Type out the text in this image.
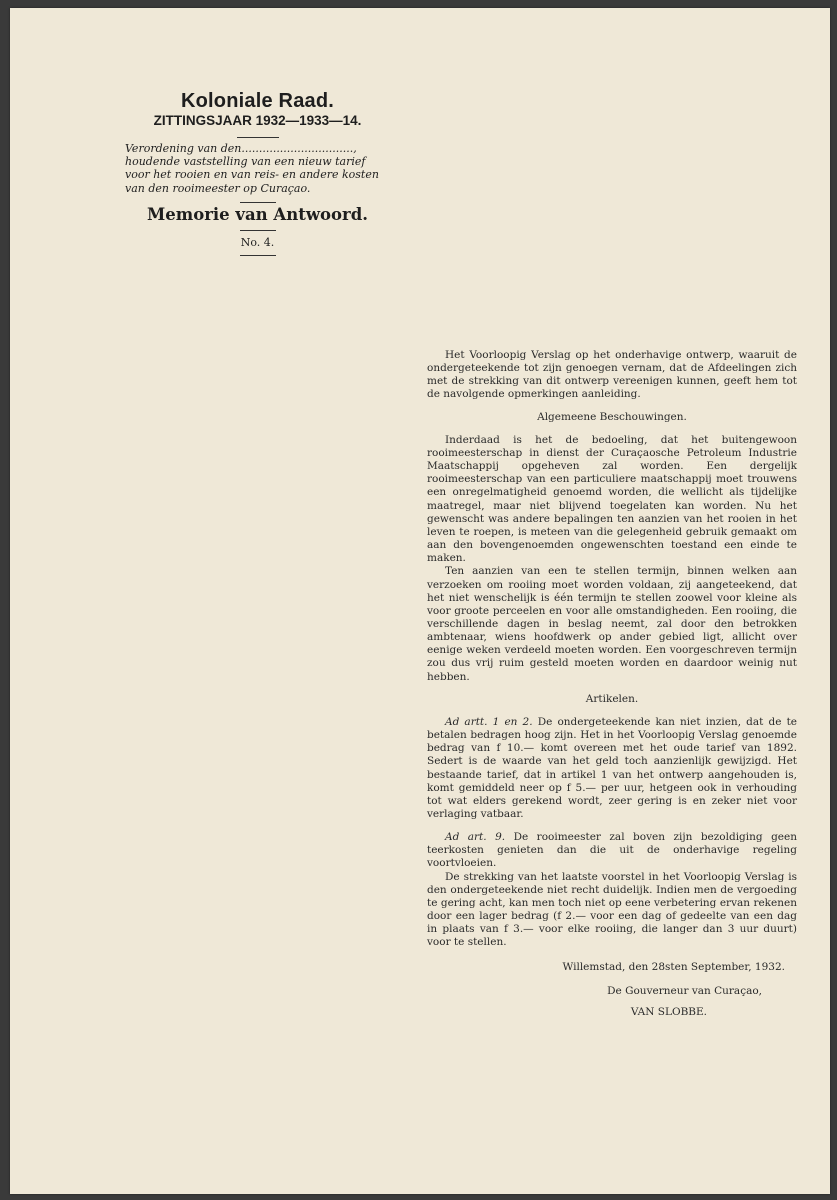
Koloniale Raad.
ZITTINGSJAAR 1932—1933—14.
Verordening van den................................, houdende vaststelling van een nieuw tarief voor het rooien en van reis- en andere kosten van den rooimeester op Curaçao.
Memorie van Antwoord.
No. 4.

Het Voorloopig Verslag op het onderhavige ontwerp, waaruit de ondergeteekende tot zijn genoegen vernam, dat de Afdeelingen zich met de strekking van dit ontwerp vereenigen kunnen, geeft hem tot de navolgende opmerkingen aanleiding.

Algemeene Beschouwingen.

Inderdaad is het de bedoeling, dat het buitengewoon rooimeesterschap in dienst der Curaçaosche Petroleum Industrie Maatschappij opgeheven zal worden. Een dergelijk rooimeesterschap van een particuliere maatschappij moet trouwens een onregelmatigheid genoemd worden, die wellicht als tijdelijke maatregel, maar niet blijvend toegelaten kan worden. Nu het gewenscht was andere bepalingen ten aanzien van het rooien in het leven te roepen, is meteen van die gelegenheid gebruik gemaakt om aan den bovengenoemden ongewenschten toestand een einde te maken.

Ten aanzien van een te stellen termijn, binnen welken aan verzoeken om rooiing moet worden voldaan, zij aangeteekend, dat het niet wenschelijk is één termijn te stellen zoowel voor kleine als voor groote perceelen en voor alle omstandigheden. Een rooiing, die verschillende dagen in beslag neemt, zal door den betrokken ambtenaar, wiens hoofdwerk op ander gebied ligt, allicht over eenige weken verdeeld moeten worden. Een voorgeschreven termijn zou dus vrij ruim gesteld moeten worden en daardoor weinig nut hebben.

Artikelen.

Ad artt. 1 en 2. De ondergeteekende kan niet inzien, dat de te betalen bedragen hoog zijn. Het in het Voorloopig Verslag genoemde bedrag van f 10.— komt overeen met het oude tarief van 1892. Sedert is de waarde van het geld toch aanzienlijk gewijzigd. Het bestaande tarief, dat in artikel 1 van het ontwerp aangehouden is, komt gemiddeld neer op f 5.— per uur, hetgeen ook in verhouding tot wat elders gerekend wordt, zeer gering is en zeker niet voor verlaging vatbaar.

Ad art. 9. De rooimeester zal boven zijn bezoldiging geen teerkosten genieten dan die uit de onderhavige regeling voortvloeien.

De strekking van het laatste voorstel in het Voorloopig Verslag is den ondergeteekende niet recht duidelijk. Indien men de vergoeding te gering acht, kan men toch niet op eene verbetering ervan rekenen door een lager bedrag (f 2.— voor een dag of gedeelte van een dag in plaats van f 3.— voor elke rooiing, die langer dan 3 uur duurt) voor te stellen.

Willemstad, den 28sten September, 1932.

De Gouverneur van Curaçao,

VAN SLOBBE.
